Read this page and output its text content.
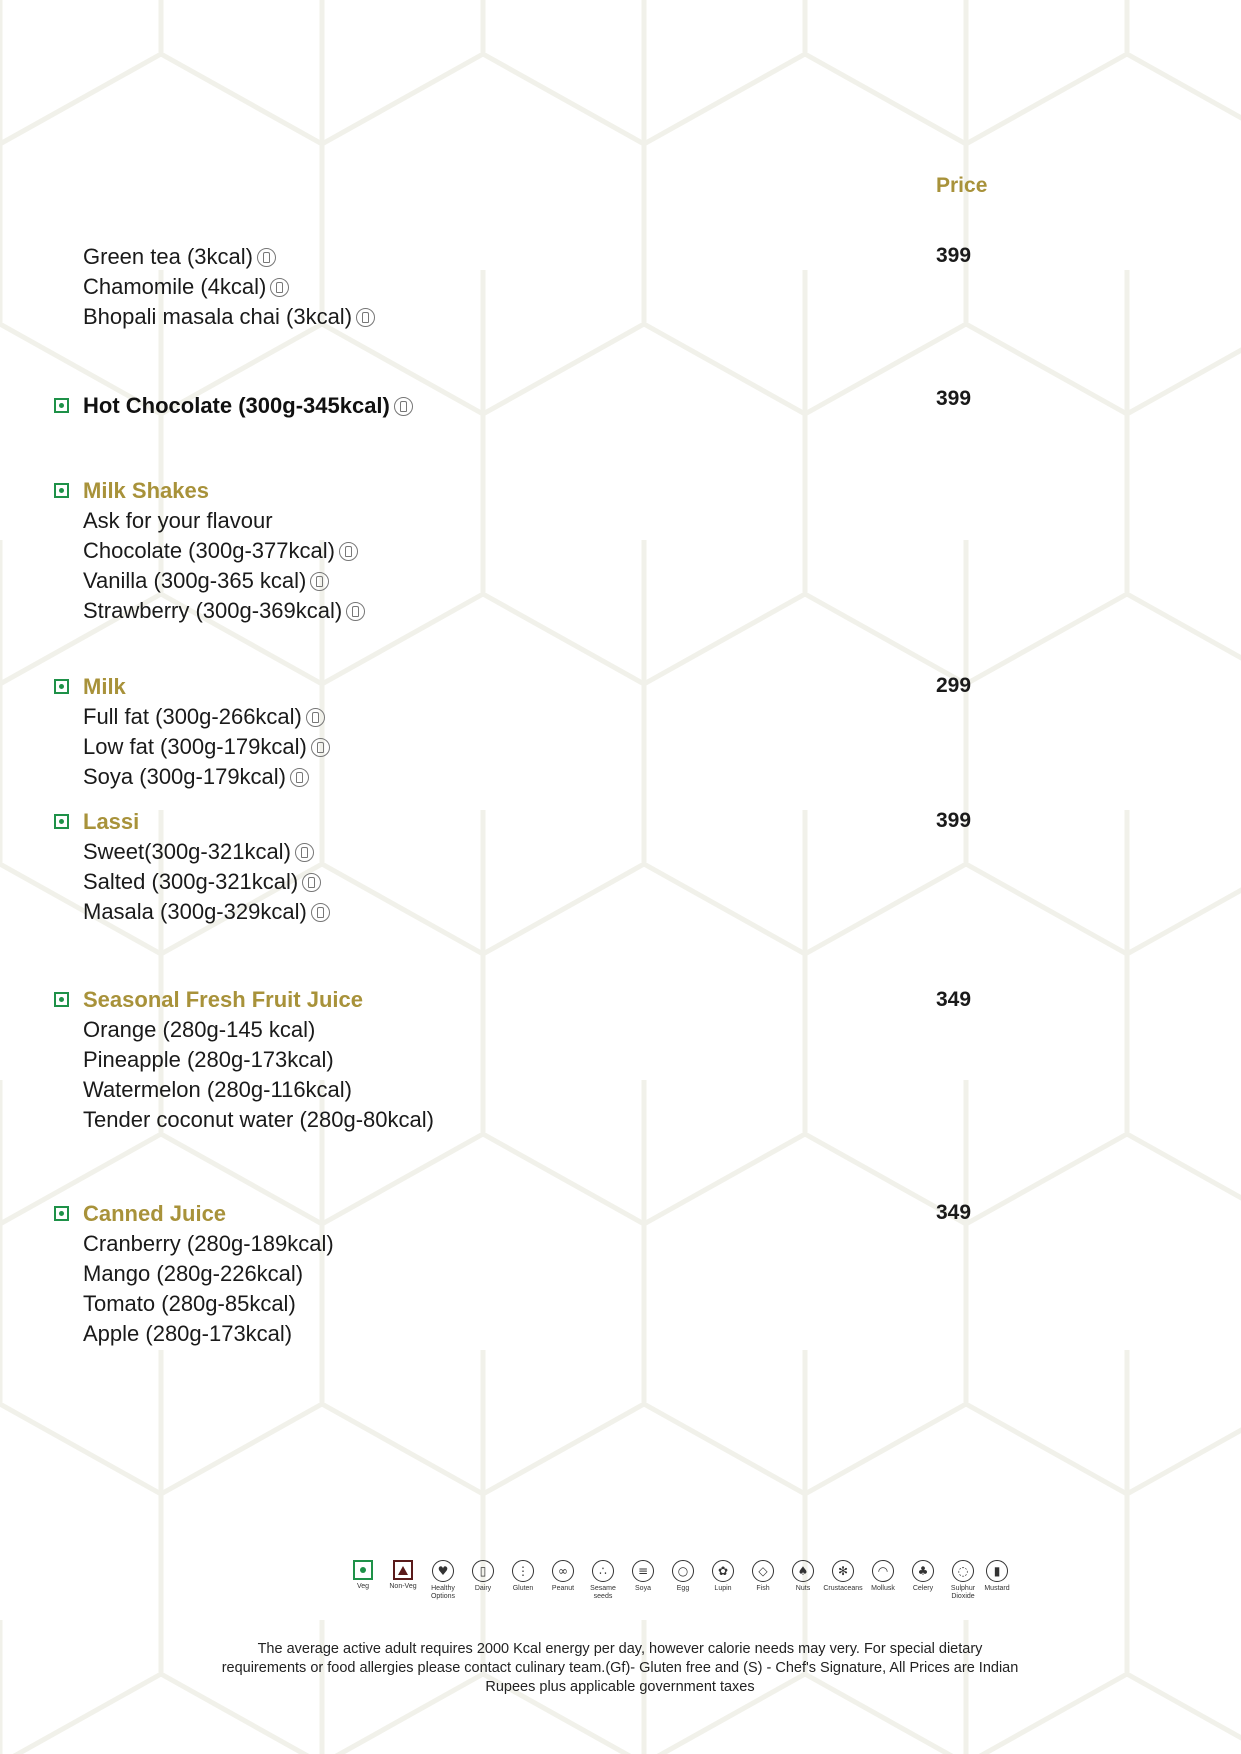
Price
Green tea (3kcal)
Chamomile (4kcal)
Bhopali masala chai (3kcal)
399
Hot Chocolate (300g-345kcal)	399
Milk Shakes
Ask for your flavour
Chocolate (300g-377kcal)
Vanilla (300g-365 kcal)
Strawberry (300g-369kcal)
Milk
Full fat (300g-266kcal)
Low fat (300g-179kcal)
Soya (300g-179kcal)
299
Lassi
Sweet(300g-321kcal)
Salted (300g-321kcal)
Masala (300g-329kcal)
399
Seasonal Fresh Fruit Juice
Orange (280g-145 kcal)
Pineapple (280g-173kcal)
Watermelon (280g-116kcal)
Tender coconut water (280g-80kcal)
349
Canned Juice
Cranberry (280g-189kcal)
Mango (280g-226kcal)
Tomato (280g-85kcal)
Apple (280g-173kcal)
349
Veg	Non-Veg
♥
Healthy Options
▯
Dairy
⋮
Gluten
∞
Peanut
∴
Sesame seeds
≡
Soya
○
Egg
✿
Lupin
◇
Fish
♠
Nuts
✻
Crustaceans
◠
Mollusk
♣
Celery
◌
Sulphur Dioxide
▮
Mustard
The average active adult requires 2000 Kcal energy per day, however calorie needs may very. For special dietary
requirements or food allergies please contact culinary team.(Gf)- Gluten free and (S) - Chef's Signature, All Prices are Indian
Rupees plus applicable government taxes
